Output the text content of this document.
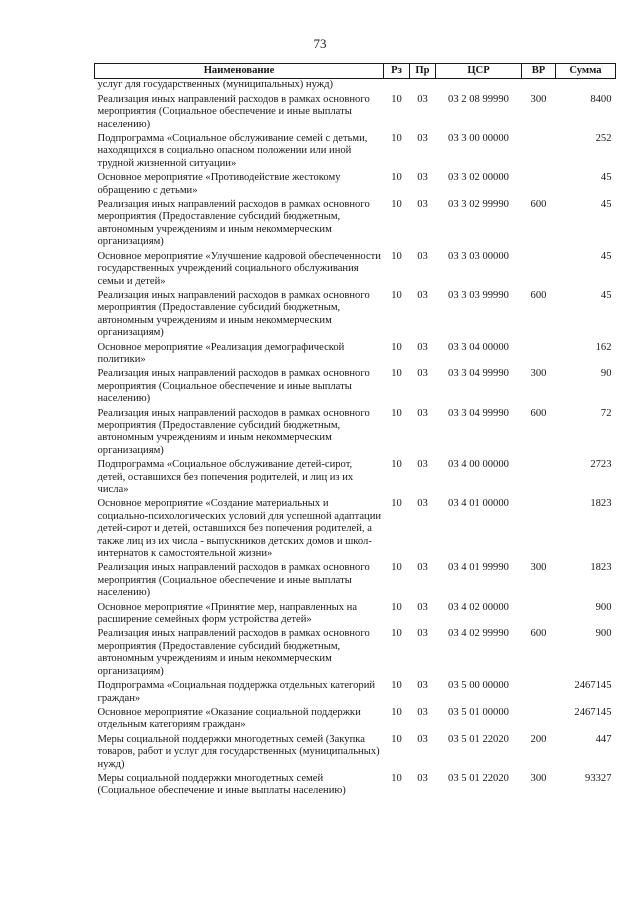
73
Наименование	Рз	Пр	ЦСР	ВР	Сумма
услуг для государственных (муниципальных) нужд)					
Реализация иных направлений расходов в рамках основного мероприятия (Социальное обеспечение и иные выплаты населению)	10	03	03 2 08 99990	300	8400
Подпрограмма «Социальное обслуживание семей с детьми, находящихся в социально опасном положении или иной трудной жизненной ситуации»	10	03	03 3 00 00000		252
Основное мероприятие «Противодействие жестокому обращению с детьми»	10	03	03 3 02 00000		45
Реализация иных направлений расходов в рамках основного мероприятия (Предоставление субсидий бюджетным, автономным учреждениям и иным некоммерческим организациям)	10	03	03 3 02 99990	600	45
Основное мероприятие «Улучшение кадровой обеспеченности государственных учреждений социального обслуживания семьи и детей»	10	03	03 3 03 00000		45
Реализация иных направлений расходов в рамках основного мероприятия (Предоставление субсидий бюджетным, автономным учреждениям и иным некоммерческим организациям)	10	03	03 3 03 99990	600	45
Основное мероприятие «Реализация демографической политики»	10	03	03 3 04 00000		162
Реализация иных направлений расходов в рамках основного мероприятия (Социальное обеспечение и иные выплаты населению)	10	03	03 3 04 99990	300	90
Реализация иных направлений расходов в рамках основного мероприятия (Предоставление субсидий бюджетным, автономным учреждениям и иным некоммерческим организациям)	10	03	03 3 04 99990	600	72
Подпрограмма «Социальное обслуживание детей-сирот, детей, оставшихся без попечения родителей, и лиц из их числа»	10	03	03 4 00 00000		2723
Основное мероприятие «Создание материальных и социально-психологических условий для успешной адаптации детей-сирот и детей, оставшихся без попечения родителей, а также лиц из их числа - выпускников детских домов и школ-интернатов к самостоятельной жизни»	10	03	03 4 01 00000		1823
Реализация иных направлений расходов в рамках основного мероприятия (Социальное обеспечение и иные выплаты населению)	10	03	03 4 01 99990	300	1823
Основное мероприятие «Принятие мер, направленных на расширение семейных форм устройства детей»	10	03	03 4 02 00000		900
Реализация иных направлений расходов в рамках основного мероприятия (Предоставление субсидий бюджетным, автономным учреждениям и иным некоммерческим организациям)	10	03	03 4 02 99990	600	900
Подпрограмма «Социальная поддержка отдельных категорий граждан»	10	03	03 5 00 00000		2467145
Основное мероприятие «Оказание социальной поддержки отдельным категориям граждан»	10	03	03 5 01 00000		2467145
Меры социальной поддержки многодетных семей (Закупка товаров, работ и услуг для государственных (муниципальных) нужд)	10	03	03 5 01 22020	200	447
Меры социальной поддержки многодетных семей (Социальное обеспечение и иные выплаты населению)	10	03	03 5 01 22020	300	93327
